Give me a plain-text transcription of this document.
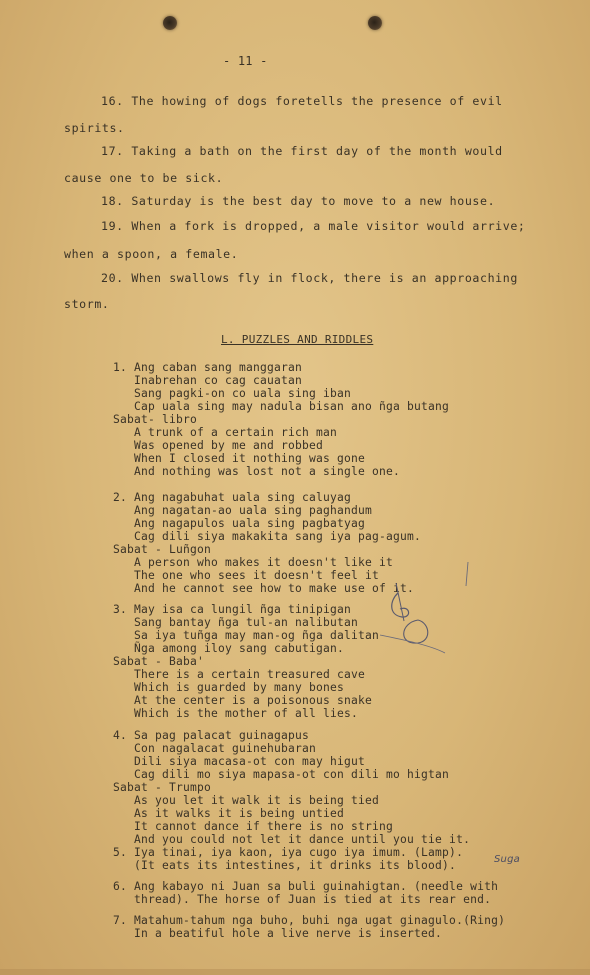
- 11 -
16. The howing of dogs foretells the presence of evil
spirits.
17. Taking a bath on the first day of the month would
cause one to be sick.
18. Saturday is the best day to move to a new house.
19. When a fork is dropped, a male visitor would arrive;
when a spoon, a female.
20. When swallows fly in flock, there is an approaching
storm.
L. PUZZLES AND RIDDLES
1. Ang caban sang manggaran
Inabrehan co cag cauatan
Sang pagki-on co uala sing iban
Cap uala sing may nadula bisan ano ñga butang
Sabat- libro
A trunk of a certain rich man
Was opened by me and robbed
When I closed it nothing was gone
And nothing was lost not a single one.
2. Ang nagabuhat uala sing caluyag
Ang nagatan-ao uala sing paghandum
Ang nagapulos uala sing pagbatyag
Cag dili siya makakita sang iya pag-agum.
Sabat - Luñgon
A person who makes it doesn't like it
The one who sees it doesn't feel it
And he cannot see how to make use of it.
3. May isa ca lungil ñga tinipigan
Sang bantay ñga tul-an nalibutan
Sa iya tuñga may man-og ñga dalitan
Ñga among iloy sang cabutigan.
Sabat - Baba'
There is a certain treasured cave
Which is guarded by many bones
At the center is a poisonous snake
Which is the mother of all lies.
4. Sa pag palacat guinagapus
Con nagalacat guinehubaran
Dili siya macasa-ot con may higut
Cag dili mo siya mapasa-ot con dili mo higtan
Sabat - Trumpo
As you let it walk it is being tied
As it walks it is being untied
It cannot dance if there is no string
And you could not let it dance until you tie it.
5. Iya tinai, iya kaon, iya cugo iya imum. (Lamp).
(It eats its intestines, it drinks its blood).	Suga
6. Ang kabayo ni Juan sa buli guinahigtan. (needle with
thread). The horse of Juan is tied at its rear end.
7. Matahum-tahum nga buho, buhi nga ugat ginagulo.(Ring)
In a beatiful hole a live nerve is inserted.
